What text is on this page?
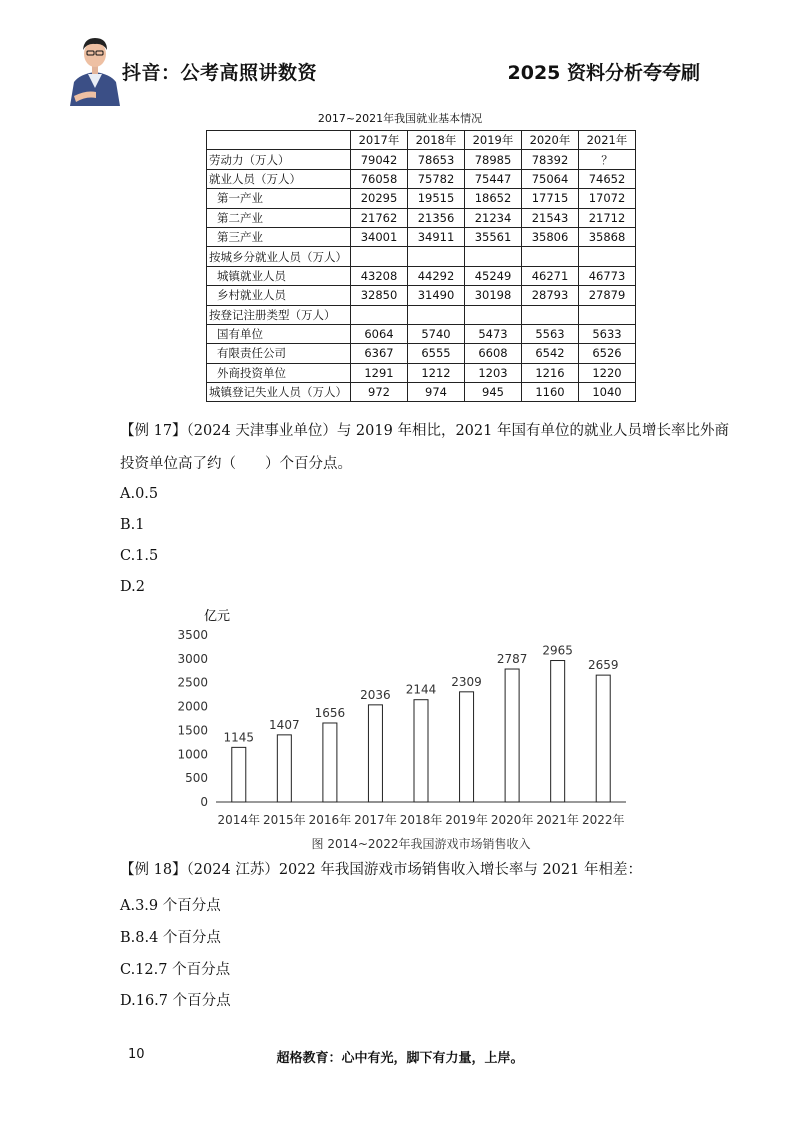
抖音：公考高照讲数资	2025 资料分析夸夸刷
2017~2021年我国就业基本情况
	2017年	2018年	2019年	2020年	2021年
劳动力（万人）	79042	78653	78985	78392	？
就业人员（万人）	76058	75782	75447	75064	74652
第一产业	20295	19515	18652	17715	17072
第二产业	21762	21356	21234	21543	21712
第三产业	34001	34911	35561	35806	35868
按城乡分就业人员（万人）					
城镇就业人员	43208	44292	45249	46271	46773
乡村就业人员	32850	31490	30198	28793	27879
按登记注册类型（万人）					
国有单位	6064	5740	5473	5563	5633
有限责任公司	6367	6555	6608	6542	6526
外商投资单位	1291	1212	1203	1216	1220
城镇登记失业人员（万人）	972	974	945	1160	1040
【例 17】（2024 天津事业单位）与 2019 年相比，2021 年国有单位的就业人员增长率比外商
投资单位高了约（　　）个百分点。
A.0.5
B.1
C.1.5
D.2
亿元
0
500
1000
1500
2000
2500
3000
3500
1145
2014年
1407
2015年
1656
2016年
2036
2017年
2144
2018年
2309
2019年
2787
2020年
2965
2021年
2659
2022年
图 2014~2022年我国游戏市场销售收入
【例 18】（2024 江苏）2022 年我国游戏市场销售收入增长率与 2021 年相差：
A.3.9 个百分点
B.8.4 个百分点
C.12.7 个百分点
D.16.7 个百分点
10	超格教育：心中有光，脚下有力量，上岸。
